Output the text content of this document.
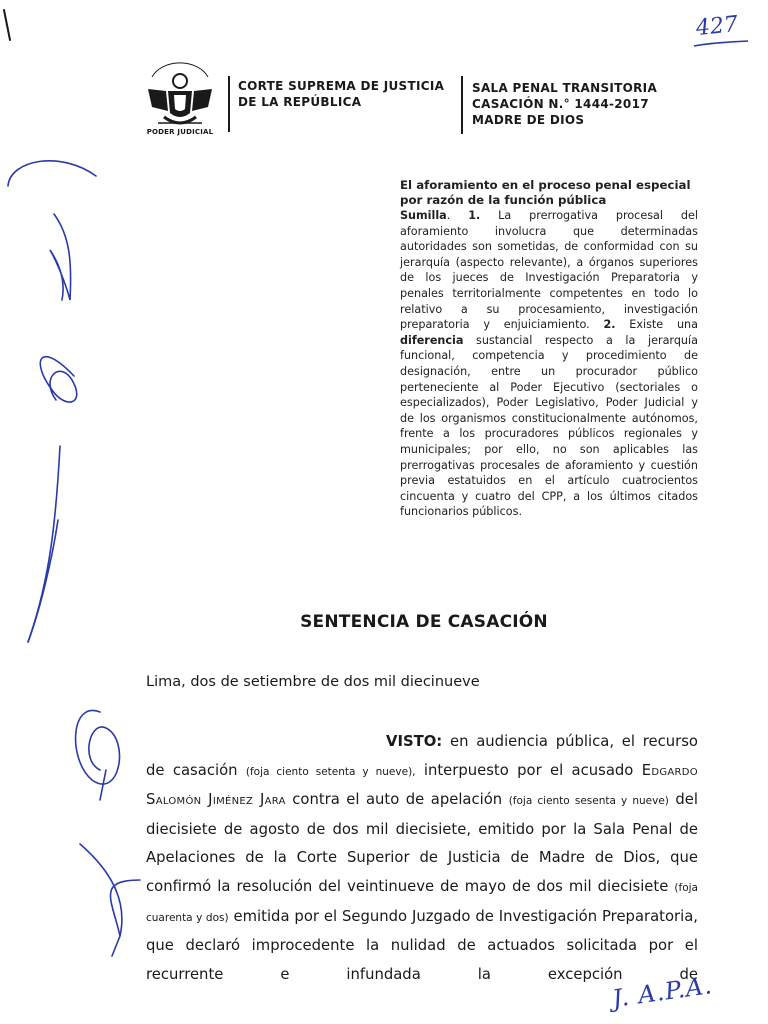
427
PODER JUDICIAL
CORTE SUPREMA DE JUSTICIA
DE LA REPÚBLICA
SALA PENAL TRANSITORIA
CASACIÓN N.° 1444-2017
MADRE DE DIOS
El aforamiento en el proceso penal especial por razón de la función pública

Sumilla. 1. La prerrogativa procesal del aforamiento involucra que determinadas autoridades son sometidas, de conformidad con su jerarquía (aspecto relevante), a órganos superiores de los jueces de Investigación Preparatoria y penales territorialmente competentes en todo lo relativo a su procesamiento, investigación preparatoria y enjuiciamiento. 2. Existe una diferencia sustancial respecto a la jerarquía funcional, competencia y procedimiento de designación, entre un procurador público perteneciente al Poder Ejecutivo (sectoriales o especializados), Poder Legislativo, Poder Judicial y de los organismos constitucionalmente autónomos, frente a los procuradores públicos regionales y municipales; por ello, no son aplicables las prerrogativas procesales de aforamiento y cuestión previa estatuidos en el artículo cuatrocientos cincuenta y cuatro del CPP, a los últimos citados funcionarios públicos.

SENTENCIA DE CASACIÓN
Lima, dos de setiembre de dos mil diecinueve
VISTO: en audiencia pública, el recurso de casación (foja ciento setenta y nueve), interpuesto por el acusado Edgardo Salomón Jiménez Jara contra el auto de apelación (foja ciento sesenta y nueve) del diecisiete de agosto de dos mil diecisiete, emitido por la Sala Penal de Apelaciones de la Corte Superior de Justicia de Madre de Dios, que confirmó la resolución del veintinueve de mayo de dos mil diecisiete (foja cuarenta y dos) emitida por el Segundo Juzgado de Investigación Preparatoria, que declaró improcedente la nulidad de actuados solicitada por el recurrente e infundada la excepción de
J. A.P.A.
